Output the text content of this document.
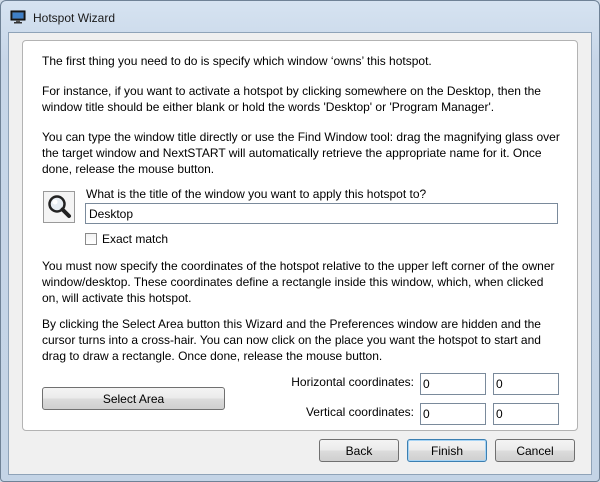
Hotspot Wizard
The first thing you need to do is specify which window ‘owns’ this hotspot.
For instance, if you want to activate a hotspot by clicking somewhere on the Desktop, then the window title should be either blank or hold the words 'Desktop' or 'Program Manager'.
You can type the window title directly or use the Find Window tool: drag the magnifying glass over the target window and NextSTART will automatically retrieve the appropriate name for it. Once done, release the mouse button.
What is the title of the window you want to apply this hotspot to?
Desktop
Exact match
You must now specify the coordinates of the hotspot relative to the upper left corner of the owner window/desktop. These coordinates define a rectangle inside this window, which, when clicked on, will activate this hotspot.
By clicking the Select Area button this Wizard and the Preferences window are hidden and the cursor turns into a cross-hair. You can now click on the place you want the hotspot to start and drag to draw a rectangle. Once done, release the mouse button.
Select Area
Horizontal coordinates:
0
0
Vertical coordinates:
0
0
Back	Finish	Cancel
